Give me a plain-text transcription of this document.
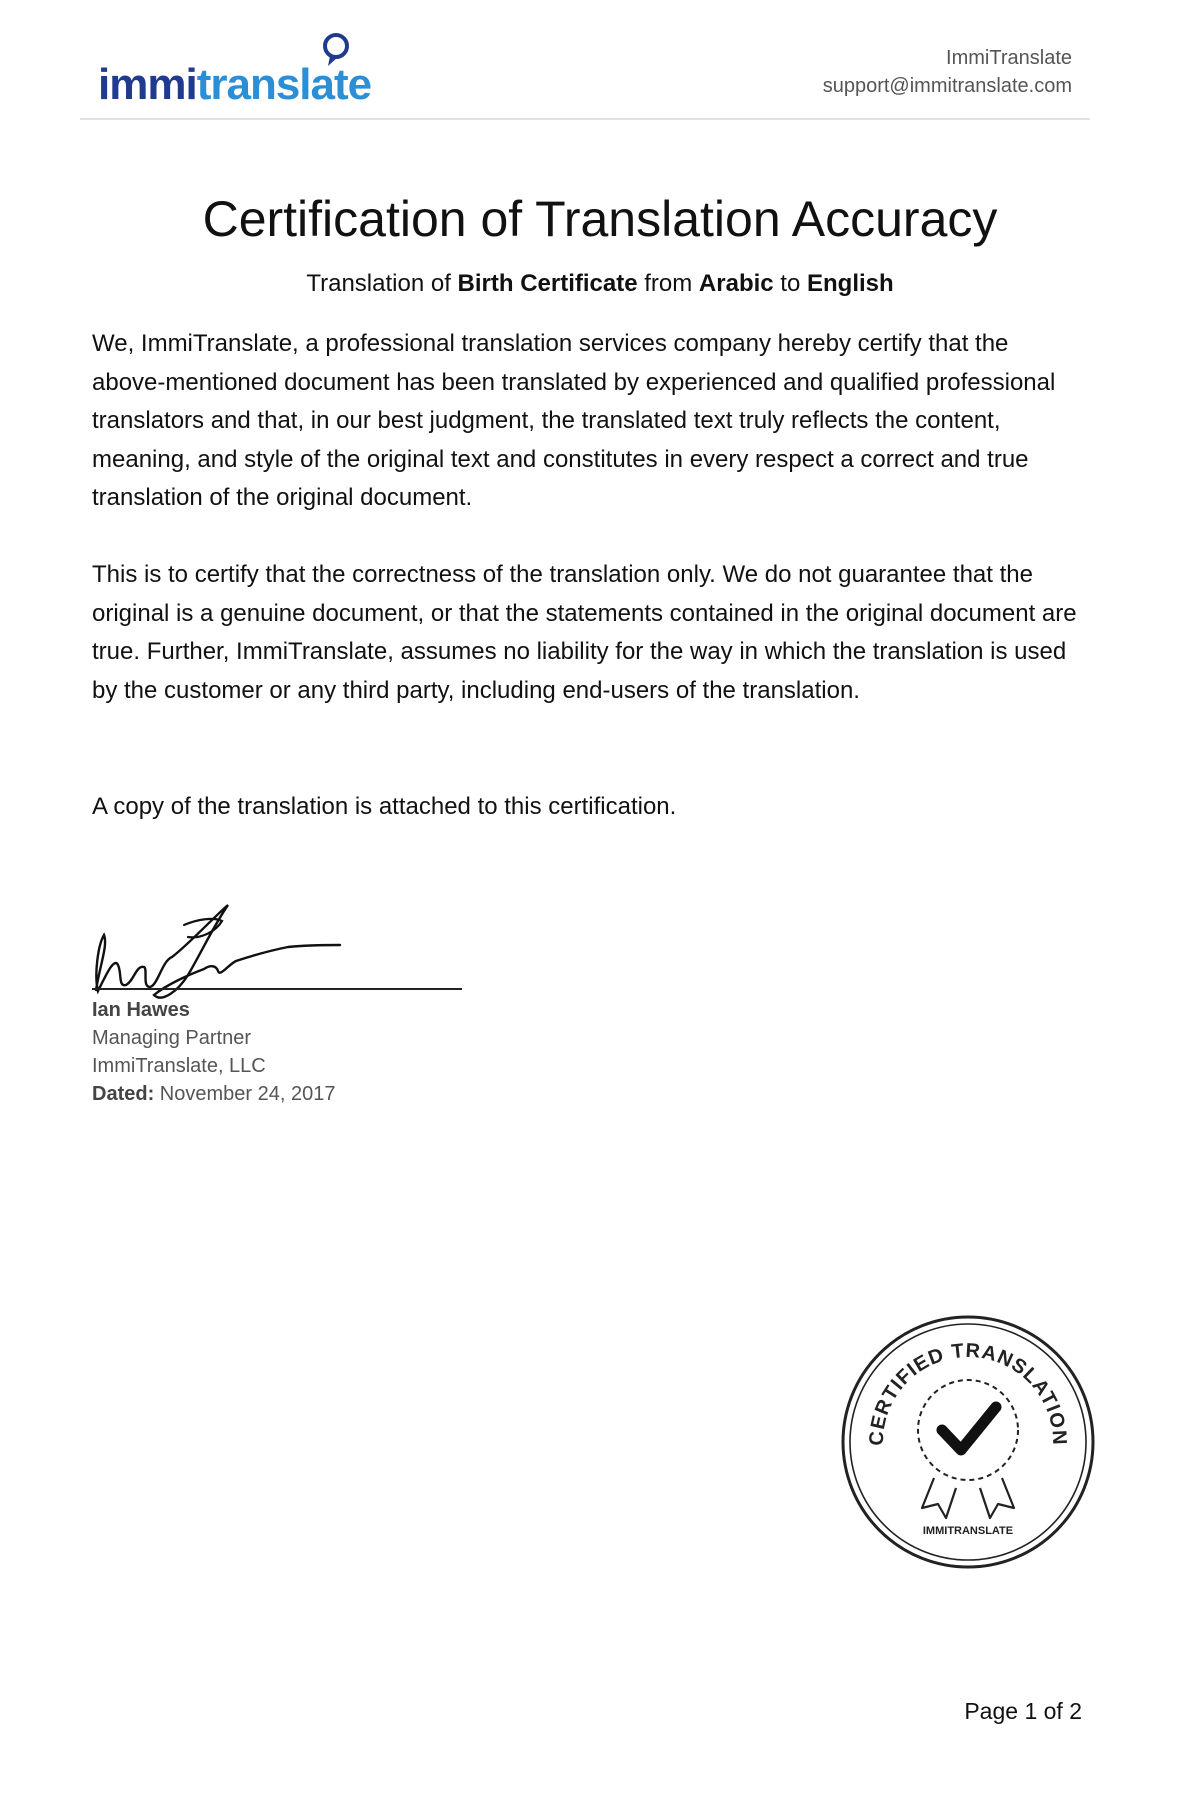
immitranslate
ImmiTranslate
support@immitranslate.com
Certification of Translation Accuracy
Translation of Birth Certificate from Arabic to English
We, ImmiTranslate, a professional translation services company hereby certify that the above-mentioned document has been translated by experienced and qualified professional translators and that, in our best judgment, the translated text truly reflects the content, meaning, and style of the original text and constitutes in every respect a correct and true translation of the original document.
This is to certify that the correctness of the translation only. We do not guarantee that the original is a genuine document, or that the statements contained in the original document are true. Further, ImmiTranslate, assumes no liability for the way in which the translation is used by the customer or any third party, including end-users of the translation.
A copy of the translation is attached to this certification.
Ian Hawes
Managing Partner
ImmiTranslate, LLC
Dated: November 24, 2017
CERTIFIED TRANSLATION
IMMITRANSLATE
Page 1 of 2
